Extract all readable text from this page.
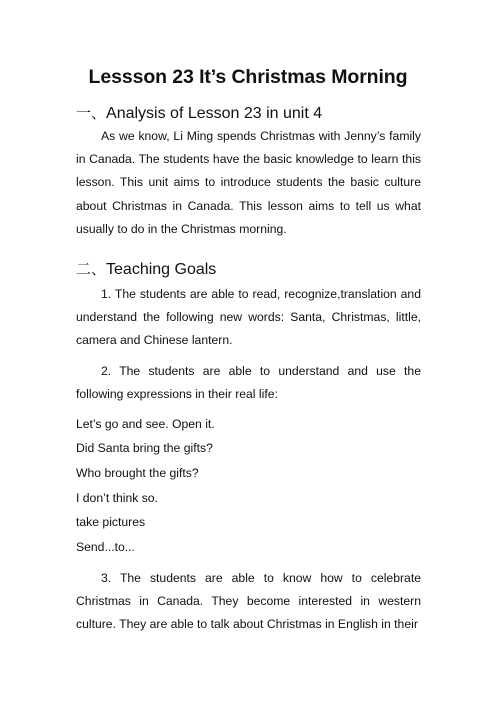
Lessson 23 It’s Christmas Morning
一、Analysis of Lesson 23 in unit 4

As we know, Li Ming spends Christmas with Jenny’s family in Canada. The students have the basic knowledge to learn this lesson. This unit aims to introduce students the basic culture about Christmas in Canada. This lesson aims to tell us what usually to do in the Christmas morning.

二、Teaching Goals

1. The students are able to read, recognize,translation and understand the following new words: Santa, Christmas, little, camera and Chinese lantern.

2. The students are able to understand and use the following expressions in their real life:

Let’s go and see. Open it.

Did Santa bring the gifts?

Who brought the gifts?

I don’t think so.

take pictures

Send...to...

3. The students are able to know how to celebrate Christmas in Canada. They become interested in western culture. They are able to talk about Christmas in English in their
